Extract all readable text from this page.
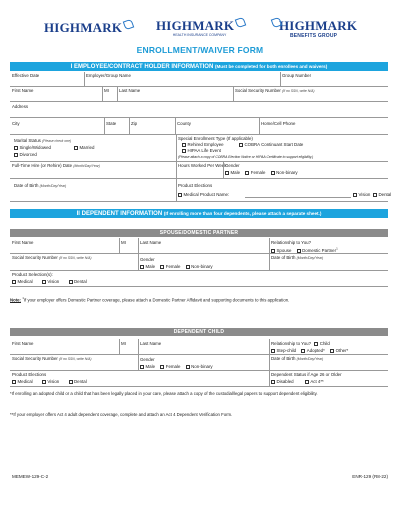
HIGHMARK	HIGHMARK
HEALTH INSURANCE COMPANY
HIGHMARK
BENEFITS GROUP
ENROLLMENT/WAIVER FORM
I EMPLOYEE/CONTRACT HOLDER INFORMATION (Must be completed for both enrollees and waivers)
Effective Date	Employer/Group Name	Group Number
First Name	MI Last Name	Social Security Number (If no SSN, write N/A)
Address
City	State	Zip	County	Home/Cell Phone
Marital Status (Please check one)
Single/Widowed	Married
Divorced
Special Enrollment Type (If applicable)
Rehired Employee	COBRA Continuant Start Date
HIPAA Life Event
(Please attach a copy of COBRA Election Notice or HIPAA Certificate to support eligibility.)
Full-Time Hire (or Rehire) Date (Month/Day/Year)	Hours Worked Per Week
Gender
Male Female Non-binary
Date of Birth (Month/Day/Year)	Product Elections
Medical Product Name:	Vision	Dental
II DEPENDENT INFORMATION (If enrolling more than four dependents, please attach a separate sheet.)
SPOUSE/DOMESTIC PARTNER
First Name	MI	Last Name	Relationship to You?
Spouse Domestic Partner$^1$
Social Security Number (If no SSN, write N/A)	Gender
Male Female Non-binary
Date of Birth (Month/Day/Year)
Product Selection(s):
Medical	Vision	Dental
Note: $^1$If your employer offers Domestic Partner coverage, please attach a Domestic Partner Affidavit and supporting documents to this application.
DEPENDENT CHILD
First Name	MI	Last Name	Relationship to You? Child
Step-child Adopted* Other*
Social Security Number (If no SSN, write N/A)	Gender
Male Female Non-binary
Date of Birth (Month/Day/Year)
Product Elections
Medical	Vision	Dental
Dependent Status if Age 26 or Older
Disabled	Act 4**
*If enrolling an adopted child or a child that has been legally placed in your care, please attach a copy of the custodial/legal papers to support dependent eligibility.
**If your employer offers Act 4 adult dependent coverage, complete and attach an Act 4 Dependent Verification Form.
MEMEW-129-C-2	ENR-129 (R8-22)
